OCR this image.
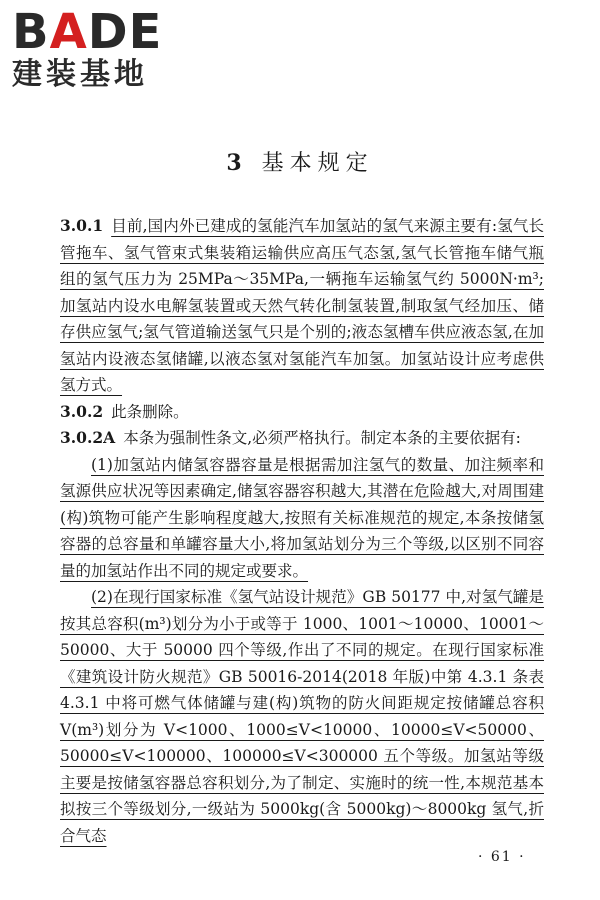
BADE
建装基地
3 基本规定

3.0.1 目前,国内外已建成的氢能汽车加氢站的氢气来源主要有:氢气长管拖车、氢气管束式集装箱运输供应高压气态氢,氢气长管拖车储气瓶组的氢气压力为 25MPa～35MPa,一辆拖车运输氢气约 5000N·m³;加氢站内设水电解氢装置或天然气转化制氢装置,制取氢气经加压、储存供应氢气;氢气管道输送氢气只是个别的;液态氢槽车供应液态氢,在加氢站内设液态氢储罐,以液态氢对氢能汽车加氢。加氢站设计应考虑供氢方式。

3.0.2 此条删除。

3.0.2A 本条为强制性条文,必须严格执行。制定本条的主要依据有:

(1)加氢站内储氢容器容量是根据需加注氢气的数量、加注频率和氢源供应状况等因素确定,储氢容器容积越大,其潜在危险越大,对周围建(构)筑物可能产生影响程度越大,按照有关标准规范的规定,本条按储氢容器的总容量和单罐容量大小,将加氢站划分为三个等级,以区别不同容量的加氢站作出不同的规定或要求。

(2)在现行国家标准《氢气站设计规范》GB 50177 中,对氢气罐是按其总容积(m³)划分为小于或等于 1000、1001～10000、10001～50000、大于 50000 四个等级,作出了不同的规定。在现行国家标准《建筑设计防火规范》GB 50016-2014(2018 年版)中第 4.3.1 条表 4.3.1 中将可燃气体储罐与建(构)筑物的防火间距规定按储罐总容积 V(m³)划分为 V<1000、1000≤V<10000、10000≤V<50000、50000≤V<100000、100000≤V<300000 五个等级。加氢站等级主要是按储氢容器总容积划分,为了制定、实施时的统一性,本规范基本拟按三个等级划分,一级站为 5000kg(含 5000kg)～8000kg 氢气,折合气态

· 61 ·
